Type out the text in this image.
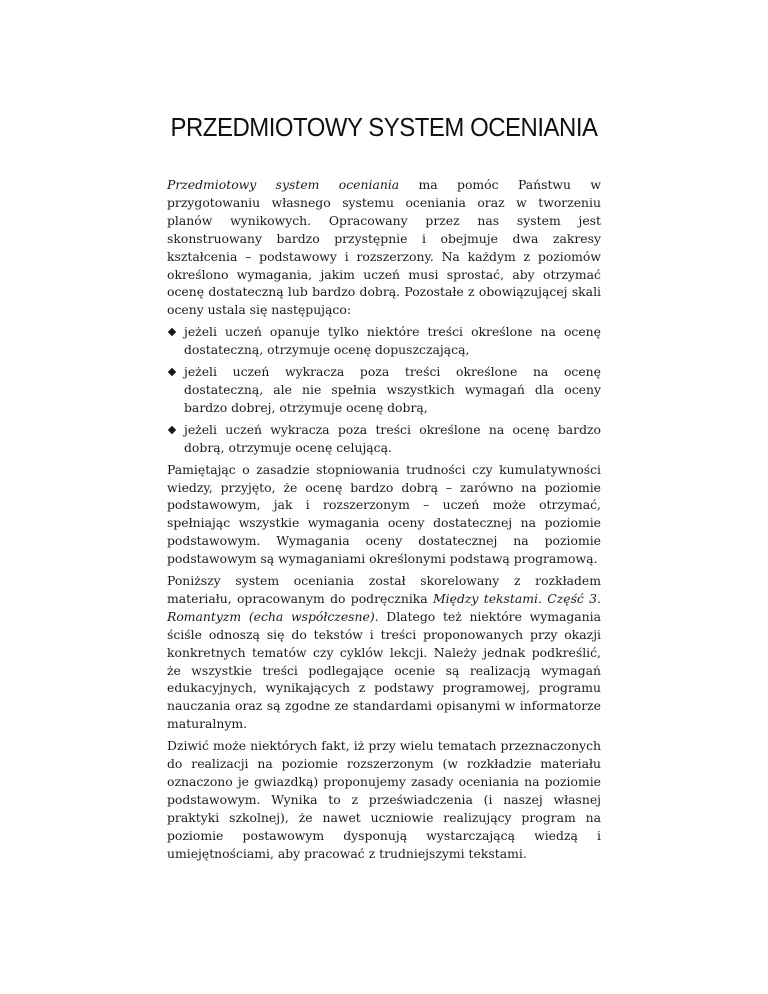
PRZEDMIOTOWY SYSTEM OCENIANIA

Przedmiotowy system oceniania ma pomóc Państwu w przygotowaniu własnego systemu oceniania oraz w tworzeniu planów wynikowych. Opracowany przez nas system jest skonstruowany bardzo przystępnie i obejmuje dwa zakresy kształcenia – podstawowy i rozszerzony. Na każdym z poziomów określono wymagania, jakim uczeń musi sprostać, aby otrzymać ocenę dostateczną lub bardzo dobrą. Pozostałe z obowiązującej skali oceny ustala się następująco:

jeżeli uczeń opanuje tylko niektóre treści określone na ocenę dostateczną, otrzymuje ocenę dopuszczającą,
jeżeli uczeń wykracza poza treści określone na ocenę dostateczną, ale nie spełnia wszystkich wymagań dla oceny bardzo dobrej, otrzymuje ocenę dobrą,
jeżeli uczeń wykracza poza treści określone na ocenę bardzo dobrą, otrzymuje ocenę celującą.

Pamiętając o zasadzie stopniowania trudności czy kumulatywności wiedzy, przyjęto, że ocenę bardzo dobrą – zarówno na poziomie podstawowym, jak i rozszerzonym – uczeń może otrzymać, spełniając wszystkie wymagania oceny dostatecznej na poziomie podstawowym. Wymagania oceny dostatecznej na poziomie podstawowym są wymaganiami określonymi podstawą programową.

Poniższy system oceniania został skorelowany z rozkładem materiału, opracowanym do podręcznika Między tekstami. Część 3. Romantyzm (echa współczesne). Dlatego też niektóre wymagania ściśle odnoszą się do tekstów i treści proponowanych przy okazji konkretnych tematów czy cyklów lekcji. Należy jednak podkreślić, że wszystkie treści podlegające ocenie są realizacją wymagań edukacyjnych, wynikających z podstawy programowej, programu nauczania oraz są zgodne ze standardami opisanymi w informatorze maturalnym.

Dziwić może niektórych fakt, iż przy wielu tematach przeznaczonych do realizacji na poziomie rozszerzonym (w rozkładzie materiału oznaczono je gwiazdką) proponujemy zasady oceniania na poziomie podstawowym. Wynika to z przeświadczenia (i naszej własnej praktyki szkolnej), że nawet uczniowie realizujący program na poziomie postawowym dysponują wystarczającą wiedzą i umiejętnościami, aby pracować z trudniejszymi tekstami.
